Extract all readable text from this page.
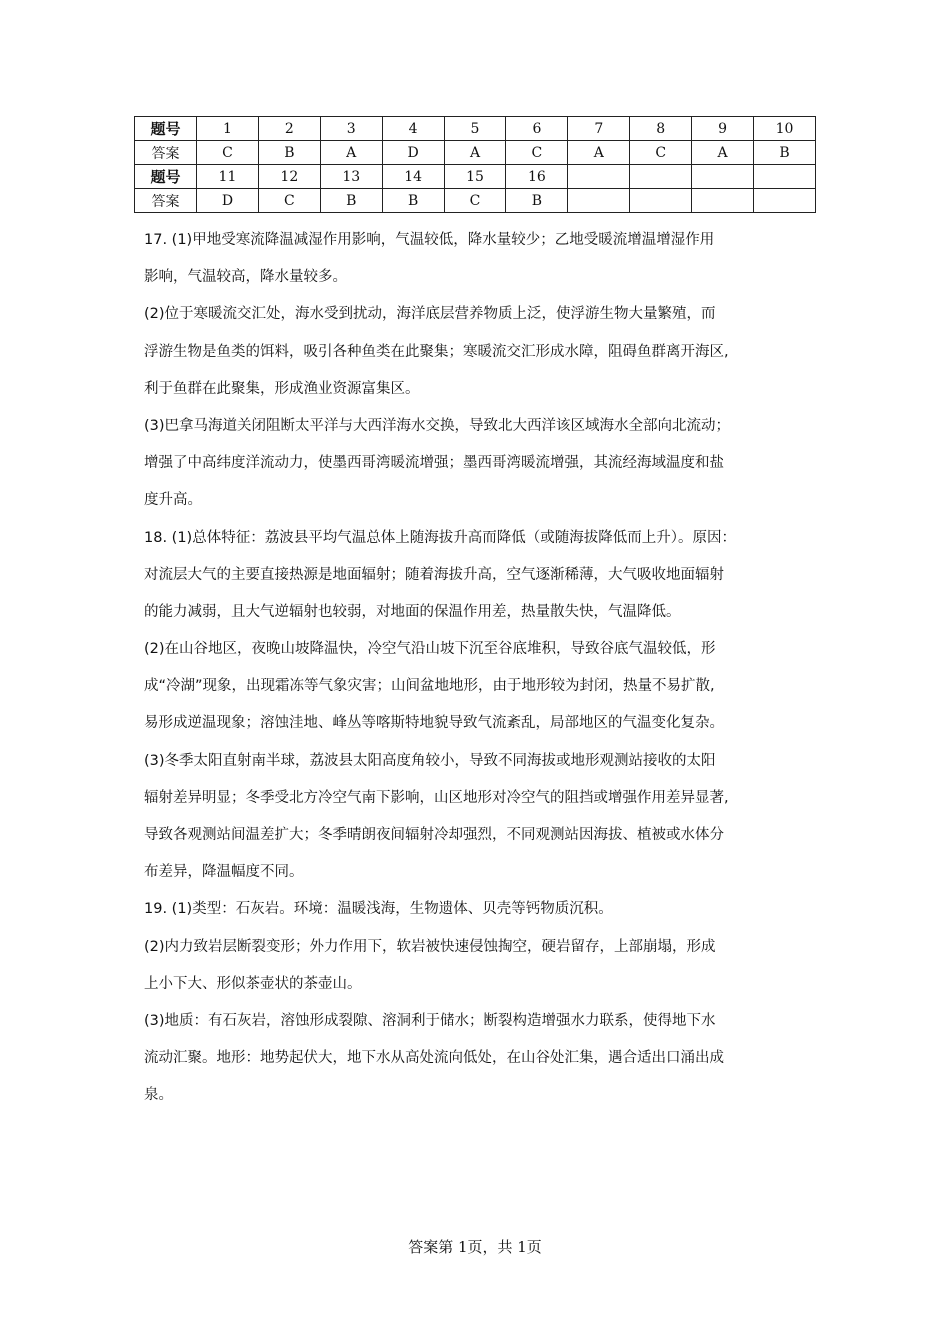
题号	1	2	3	4	5	6	7	8	9	10
答案	C	B	A	D	A	C	A	C	A	B
题号	11	12	13	14	15	16				
答案	D	C	B	B	C	B				
17. (1)甲地受寒流降温减湿作用影响，气温较低，降水量较少；乙地受暖流增温增湿作用
影响，气温较高，降水量较多。
(2)位于寒暖流交汇处，海水受到扰动，海洋底层营养物质上泛，使浮游生物大量繁殖，而
浮游生物是鱼类的饵料，吸引各种鱼类在此聚集；寒暖流交汇形成水障，阻碍鱼群离开海区,
利于鱼群在此聚集，形成渔业资源富集区。
(3)巴拿马海道关闭阻断太平洋与大西洋海水交换，导致北大西洋该区域海水全部向北流动；
增强了中高纬度洋流动力，使墨西哥湾暖流增强；墨西哥湾暖流增强，其流经海域温度和盐
度升高。
18. (1)总体特征：荔波县平均气温总体上随海拔升高而降低（或随海拔降低而上升）。原因：
对流层大气的主要直接热源是地面辐射；随着海拔升高，空气逐渐稀薄，大气吸收地面辐射
的能力减弱，且大气逆辐射也较弱，对地面的保温作用差，热量散失快，气温降低。
(2)在山谷地区，夜晚山坡降温快，冷空气沿山坡下沉至谷底堆积，导致谷底气温较低，形
成“冷湖”现象，出现霜冻等气象灾害；山间盆地地形，由于地形较为封闭，热量不易扩散,
易形成逆温现象；溶蚀洼地、峰丛等喀斯特地貌导致气流紊乱，局部地区的气温变化复杂。
(3)冬季太阳直射南半球，荔波县太阳高度角较小，导致不同海拔或地形观测站接收的太阳
辐射差异明显；冬季受北方冷空气南下影响，山区地形对冷空气的阻挡或增强作用差异显著,
导致各观测站间温差扩大；冬季晴朗夜间辐射冷却强烈，不同观测站因海拔、植被或水体分
布差异，降温幅度不同。
19. (1)类型：石灰岩。环境：温暖浅海，生物遗体、贝壳等钙物质沉积。
(2)内力致岩层断裂变形；外力作用下，软岩被快速侵蚀掏空，硬岩留存，上部崩塌，形成
上小下大、形似茶壶状的茶壶山。
(3)地质：有石灰岩，溶蚀形成裂隙、溶洞利于储水；断裂构造增强水力联系，使得地下水
流动汇聚。地形：地势起伏大，地下水从高处流向低处，在山谷处汇集，遇合适出口涌出成
泉。
答案第 1页，共 1页
